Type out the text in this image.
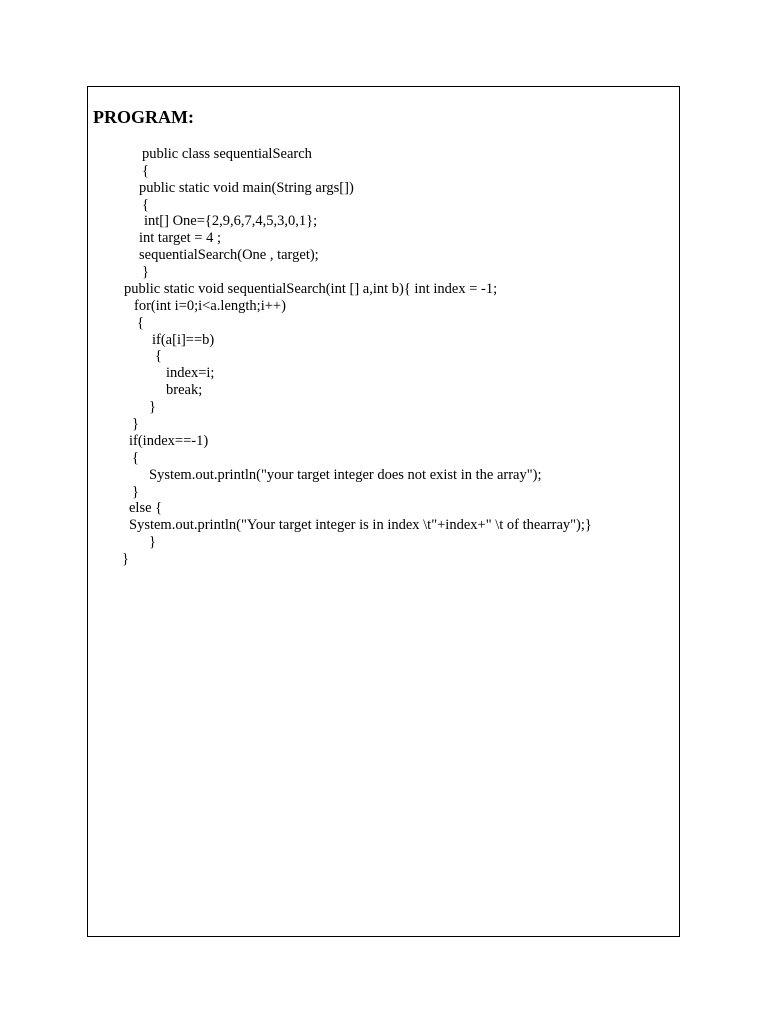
PROGRAM:
public class sequentialSearch
{
public static void main(String args[])
{
int[] One={2,9,6,7,4,5,3,0,1};
int target = 4 ;
sequentialSearch(One , target);
}
public static void sequentialSearch(int [] a,int b){ int index = -1;
for(int i=0;i<a.length;i++)
{
if(a[i]==b)
{
index=i;
break;
}
}
if(index==-1)
{
System.out.println("your target integer does not exist in the array");
}
else {
System.out.println("Your target integer is in index \t"+index+" \t of thearray");}
}
}
